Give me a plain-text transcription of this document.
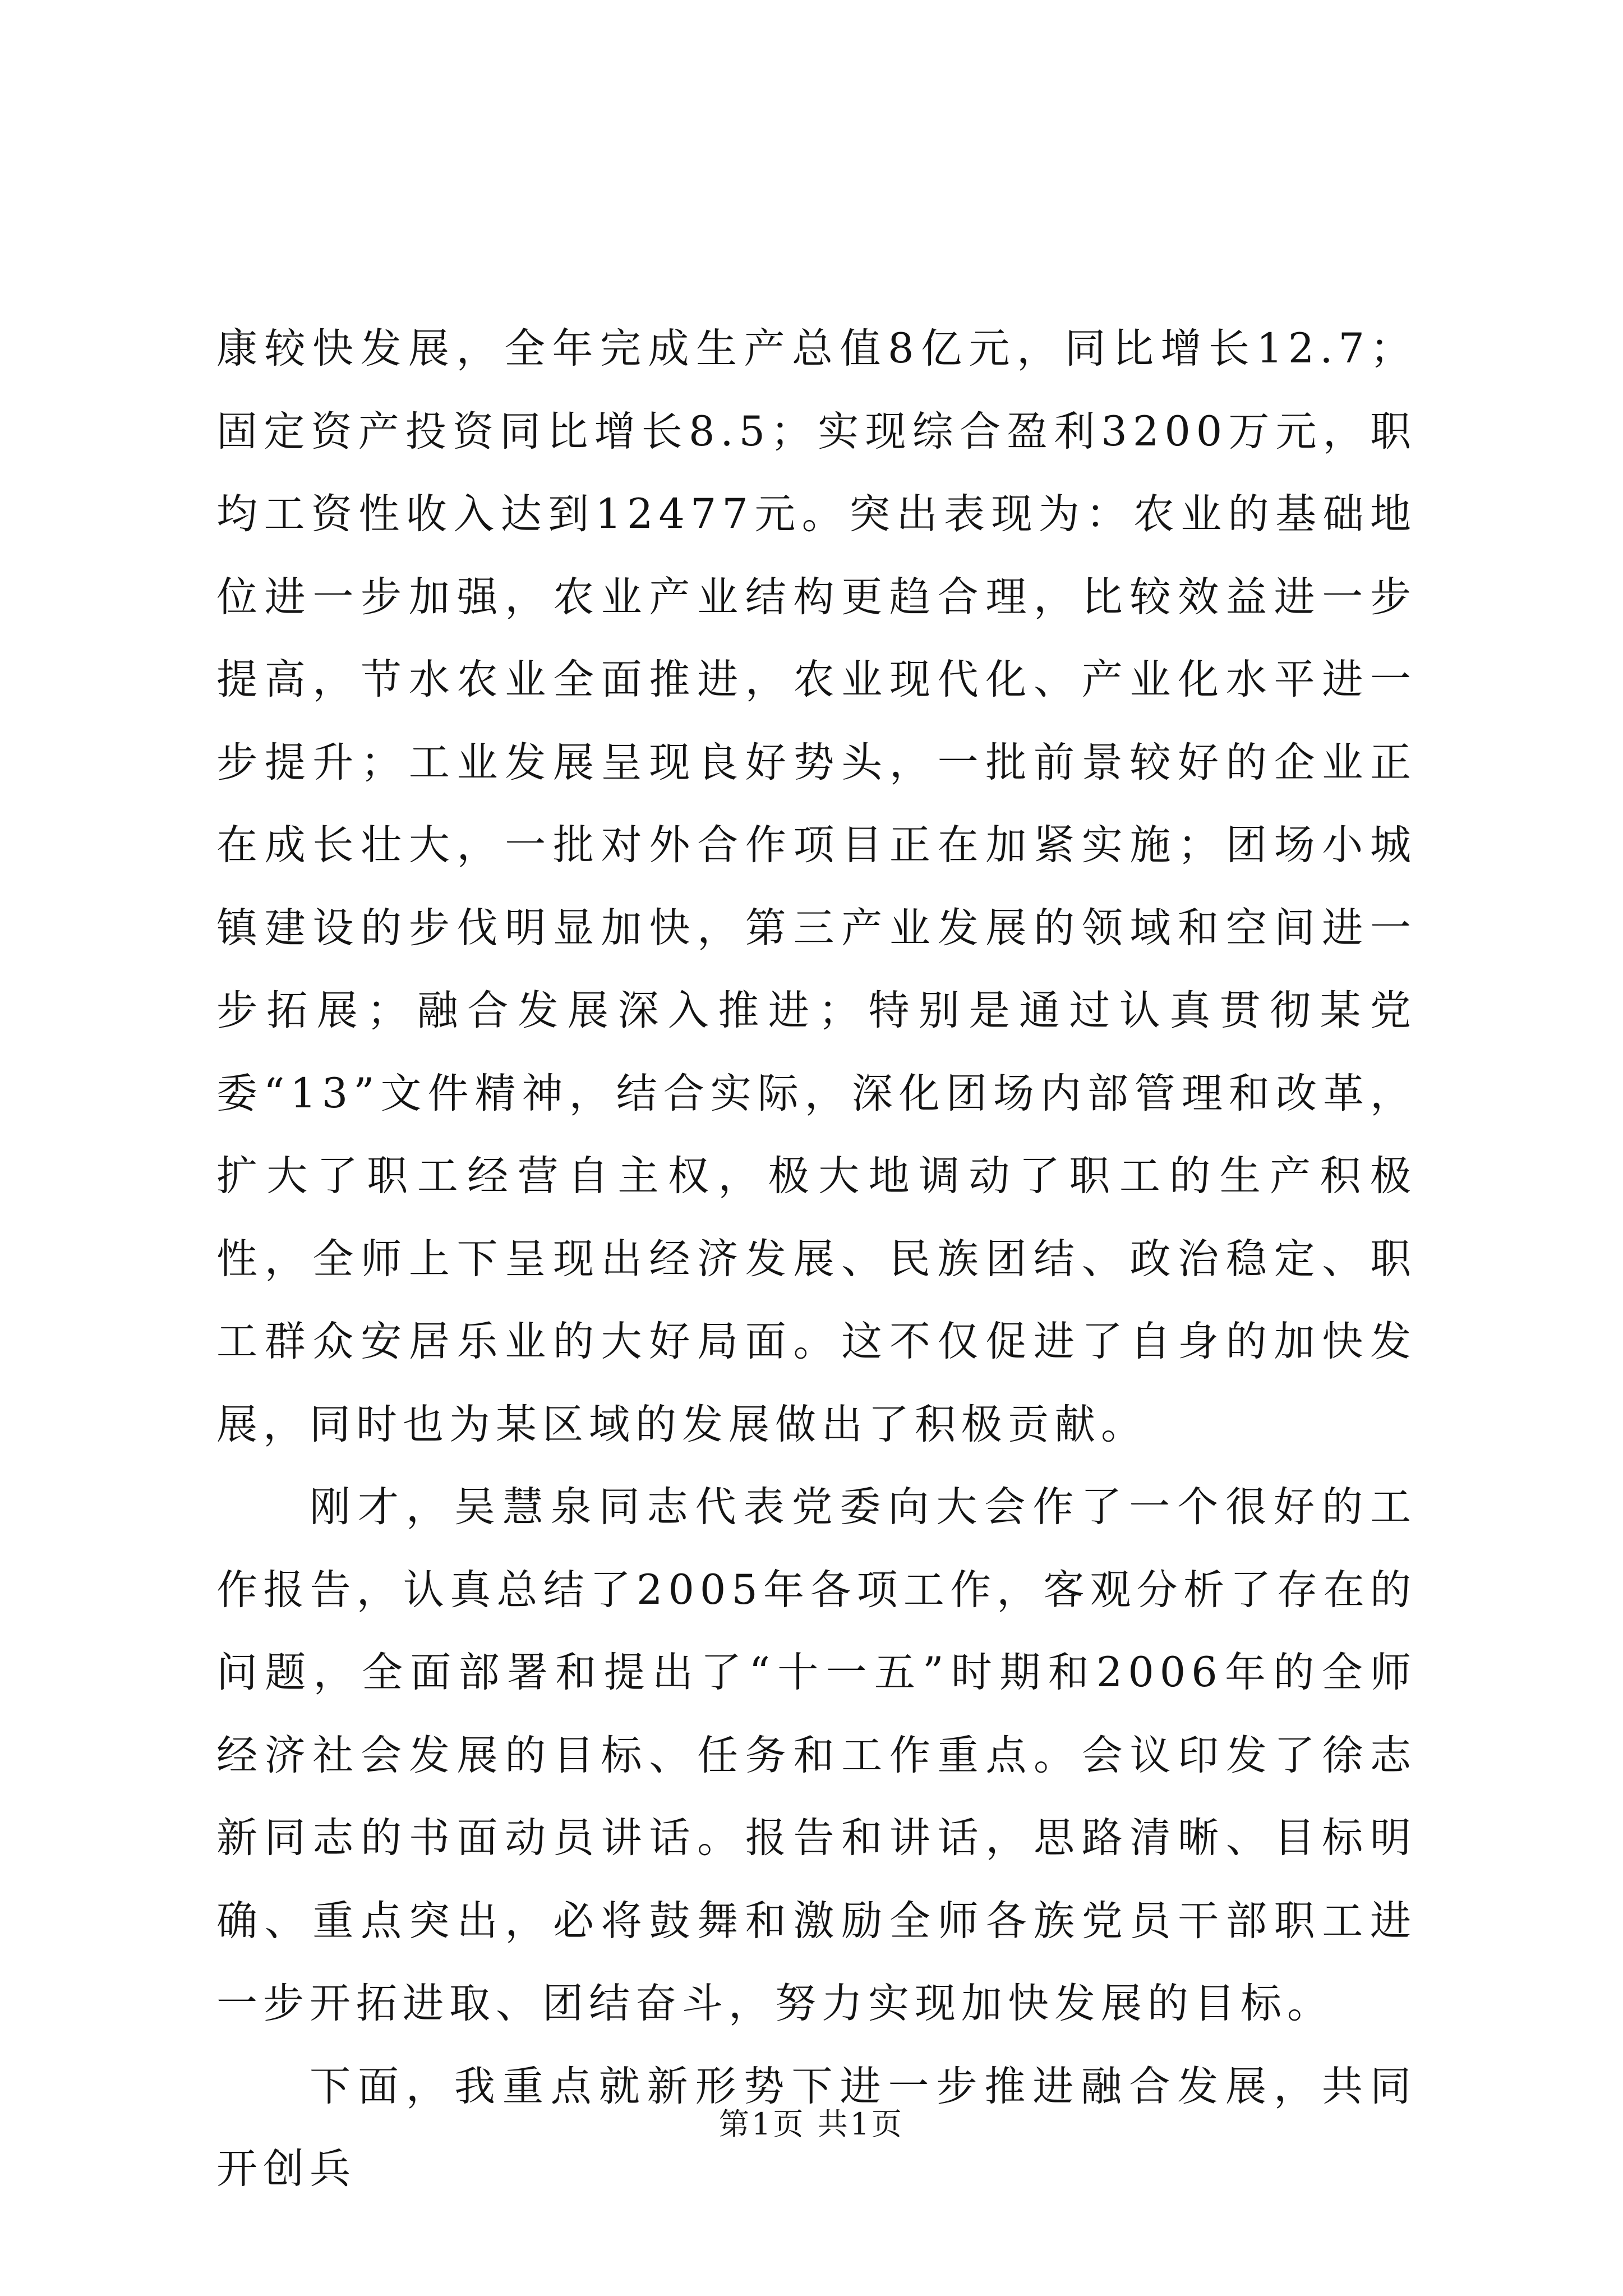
康较快发展，全年完成生产总值8亿元，同比增长12.7；固定资产投资同比增长8.5；实现综合盈利3200万元，职均工资性收入达到12477元。突出表现为：农业的基础地位进一步加强，农业产业结构更趋合理，比较效益进一步提高，节水农业全面推进，农业现代化、产业化水平进一步提升；工业发展呈现良好势头，一批前景较好的企业正在成长壮大，一批对外合作项目正在加紧实施；团场小城镇建设的步伐明显加快，第三产业发展的领域和空间进一步拓展；融合发展深入推进；特别是通过认真贯彻某党委“13”文件精神，结合实际，深化团场内部管理和改革，扩大了职工经营自主权，极大地调动了职工的生产积极性，全师上下呈现出经济发展、民族团结、政治稳定、职工群众安居乐业的大好局面。这不仅促进了自身的加快发展，同时也为某区域的发展做出了积极贡献。

刚才，吴慧泉同志代表党委向大会作了一个很好的工作报告，认真总结了2005年各项工作，客观分析了存在的问题，全面部署和提出了“十一五”时期和2006年的全师经济社会发展的目标、任务和工作重点。会议印发了徐志新同志的书面动员讲话。报告和讲话，思路清晰、目标明确、重点突出，必将鼓舞和激励全师各族党员干部职工进一步开拓进取、团结奋斗，努力实现加快发展的目标。

下面，我重点就新形势下进一步推进融合发展，共同开创兵

第1页 共1页
